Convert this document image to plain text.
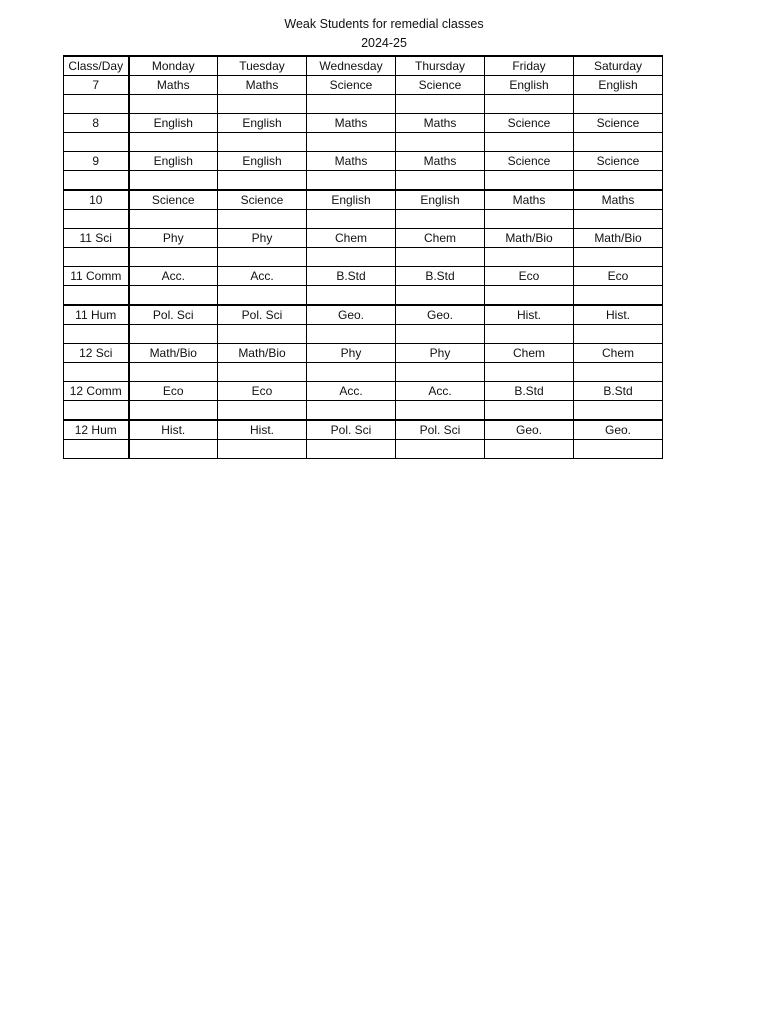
Weak Students for remedial classes
2024-25
Class/Day	Monday	Tuesday	Wednesday	Thursday	Friday	Saturday
7	Maths	Maths	Science	Science	English	English

8	English	English	Maths	Maths	Science	Science

9	English	English	Maths	Maths	Science	Science

10	Science	Science	English	English	Maths	Maths

11 Sci	Phy	Phy	Chem	Chem	Math/Bio	Math/Bio

11 Comm	Acc.	Acc.	B.Std	B.Std	Eco	Eco

11 Hum	Pol. Sci	Pol. Sci	Geo.	Geo.	Hist.	Hist.

12 Sci	Math/Bio	Math/Bio	Phy	Phy	Chem	Chem

12 Comm	Eco	Eco	Acc.	Acc.	B.Std	B.Std

12 Hum	Hist.	Hist.	Pol. Sci	Pol. Sci	Geo.	Geo.
